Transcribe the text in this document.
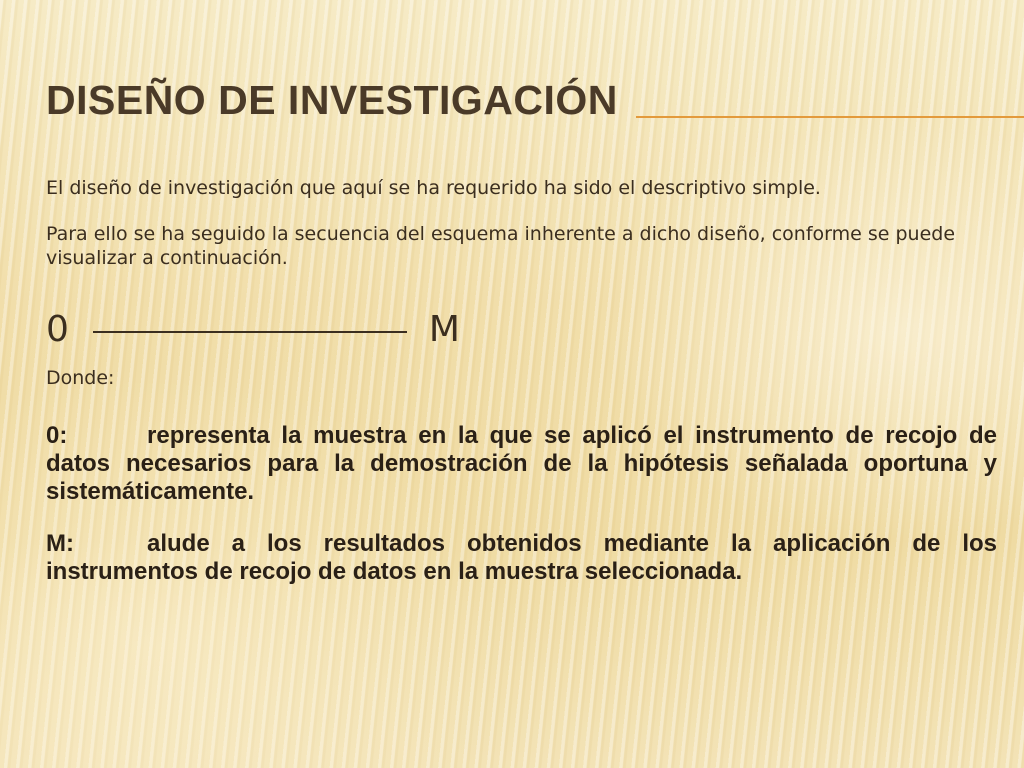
DISEÑO DE INVESTIGACIÓN

El diseño de investigación que aquí se ha requerido ha sido el descriptivo simple.

Para ello se ha seguido la secuencia del esquema inherente a dicho diseño, conforme se puede visualizar a continuación.

0	M

Donde:

0:	representa la muestra en la que se aplicó el instrumento de recojo de datos necesarios para la demostración de la hipótesis señalada oportuna y sistemáticamente.

M:	alude a los resultados obtenidos mediante la aplicación de los instrumentos de recojo de datos en la muestra seleccionada.
